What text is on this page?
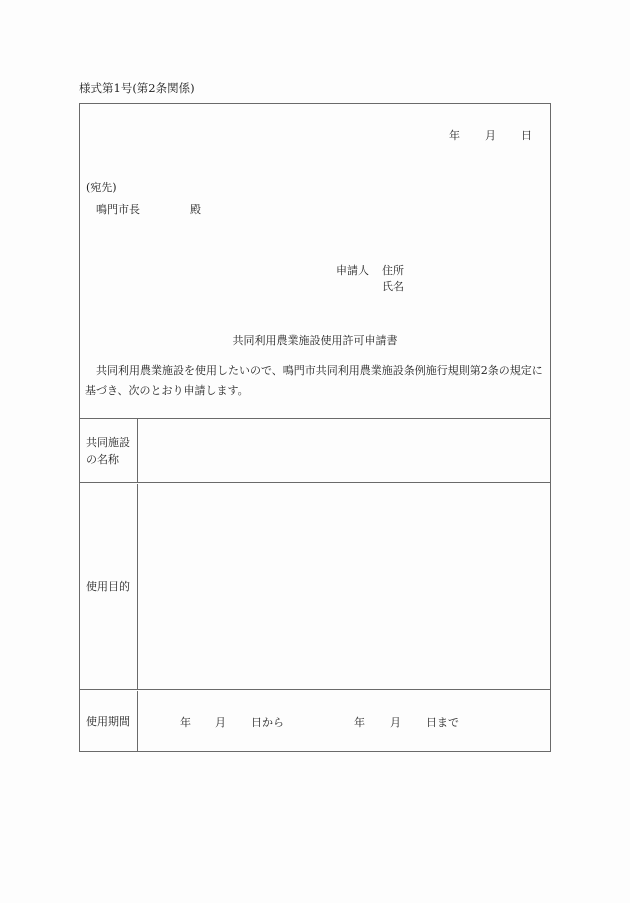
様式第1号(第2条関係)
年 月 日
(宛先)
鳴門市長	殿
申請人 住所
氏名
共同利用農業施設使用許可申請書
共同利用農業施設を使用したいので、鳴門市共同利用農業施設条例施行規則第2条の規定に基づき、次のとおり申請します。
共同施設
の名称
使用目的
使用期間	年 月 日から	年 月 日まで
